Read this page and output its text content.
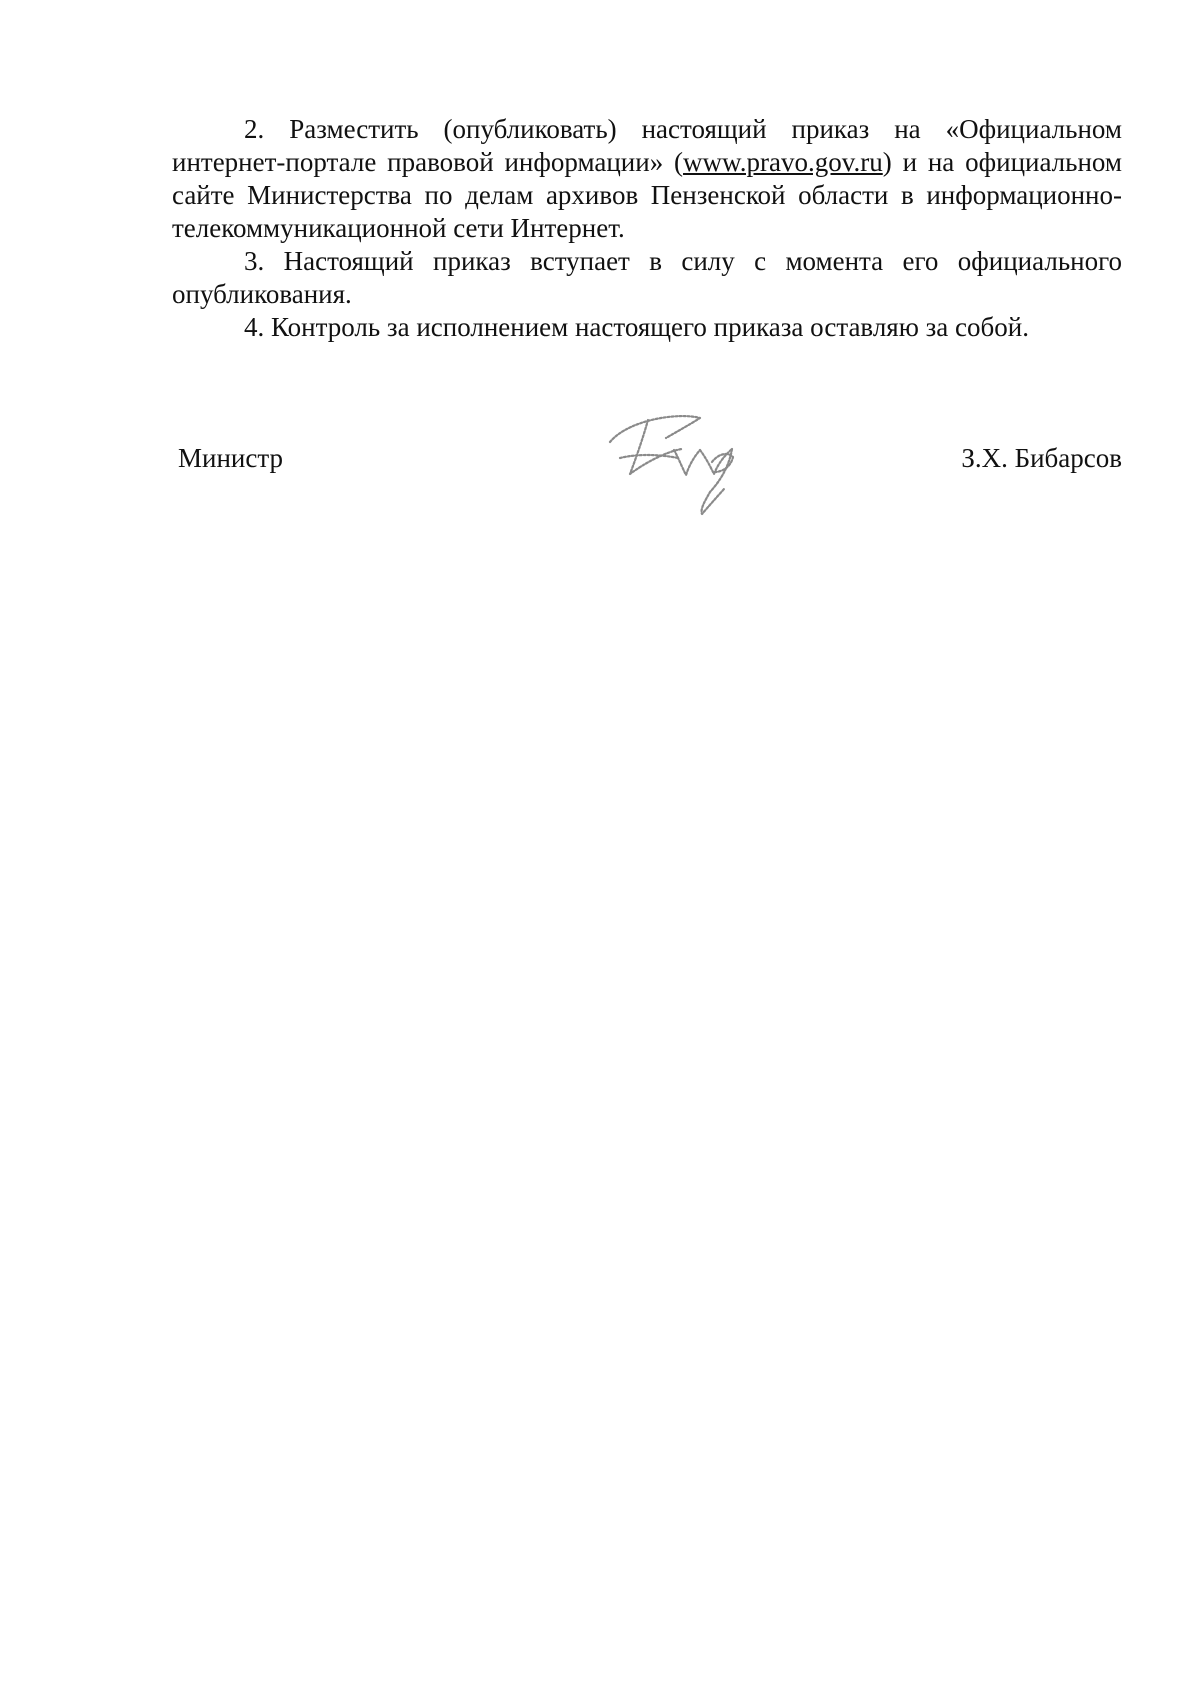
2. Разместить (опубликовать) настоящий приказ на «Официальном интернет-портале правовой информации» (www.pravo.gov.ru) и на официальном сайте Министерства по делам архивов Пензенской области в информационно-телекоммуникационной сети Интернет.

3. Настоящий приказ вступает в силу с момента его официального опубликования.

4. Контроль за исполнением настоящего приказа оставляю за собой.

Министр	З.Х. Бибарсов
